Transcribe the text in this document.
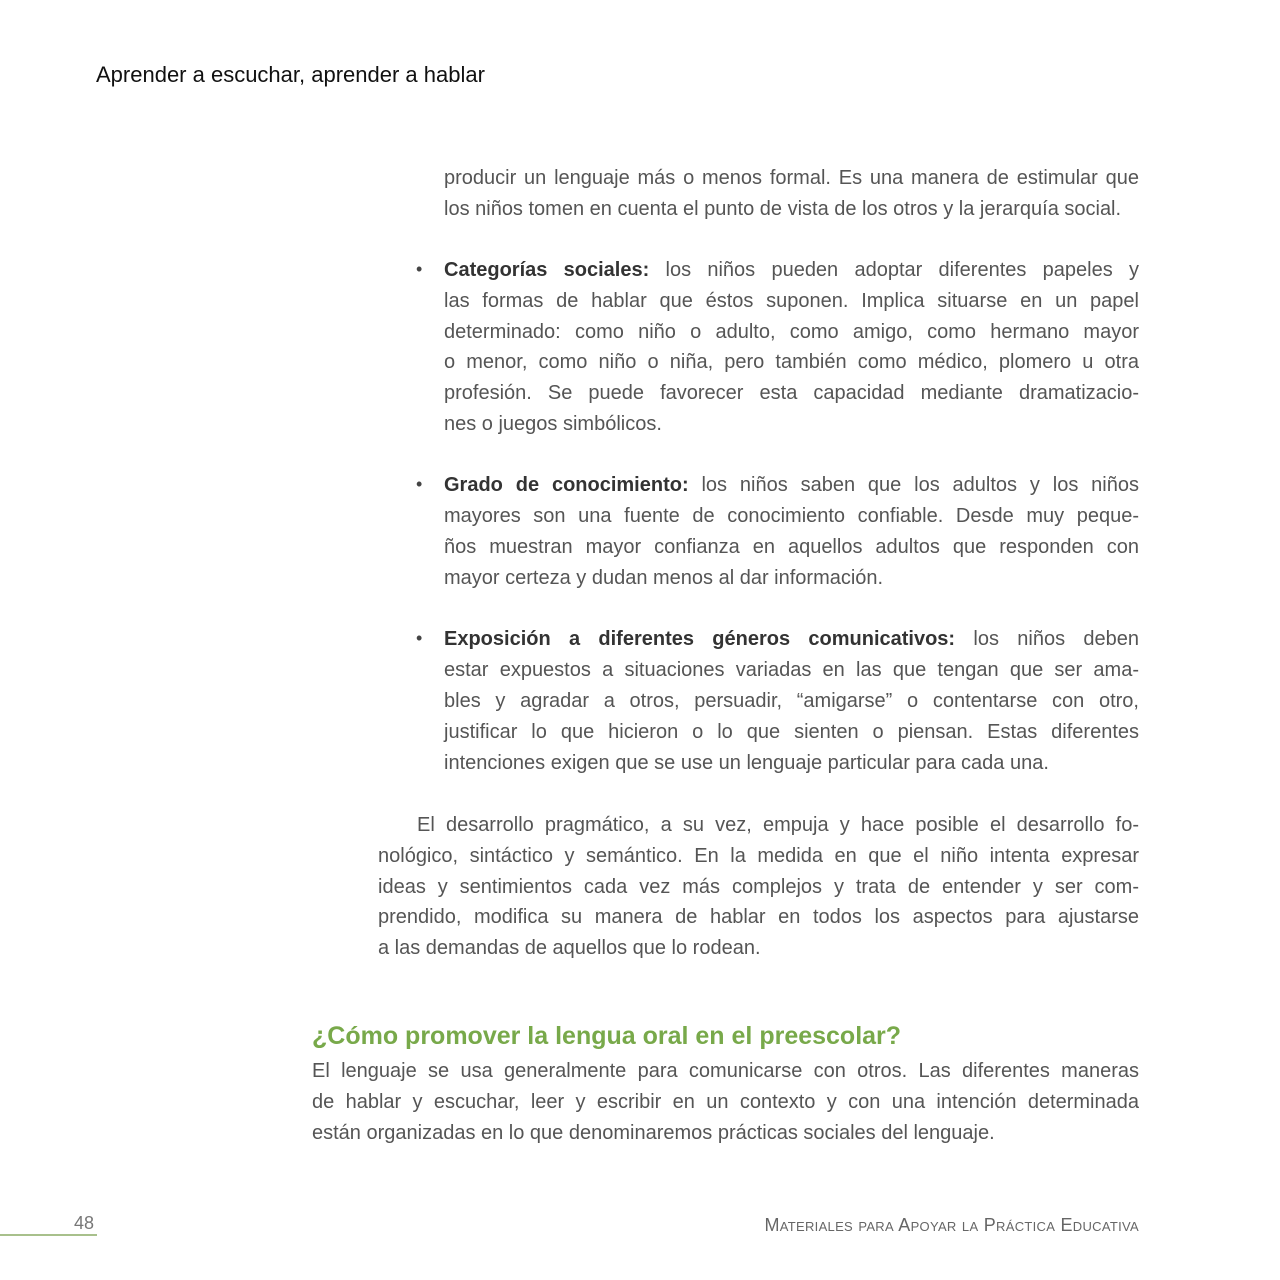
Aprender a escuchar, aprender a hablar
producir un lenguaje más o menos formal. Es una manera de estimular que
los niños tomen en cuenta el punto de vista de los otros y la jerarquía social.
• Categorías sociales: los niños pueden adoptar diferentes papeles y
las formas de hablar que éstos suponen. Implica situarse en un papel
determinado: como niño o adulto, como amigo, como hermano mayor
o menor, como niño o niña, pero también como médico, plomero u otra
profesión. Se puede favorecer esta capacidad mediante dramatizacio-
nes o juegos simbólicos.
• Grado de conocimiento: los niños saben que los adultos y los niños
mayores son una fuente de conocimiento confiable. Desde muy peque-
ños muestran mayor confianza en aquellos adultos que responden con
mayor certeza y dudan menos al dar información.
• Exposición a diferentes géneros comunicativos: los niños deben
estar expuestos a situaciones variadas en las que tengan que ser ama-
bles y agradar a otros, persuadir, “amigarse” o contentarse con otro,
justificar lo que hicieron o lo que sienten o piensan. Estas diferentes
intenciones exigen que se use un lenguaje particular para cada una.
El desarrollo pragmático, a su vez, empuja y hace posible el desarrollo fo-
nológico, sintáctico y semántico. En la medida en que el niño intenta expresar
ideas y sentimientos cada vez más complejos y trata de entender y ser com-
prendido, modifica su manera de hablar en todos los aspectos para ajustarse
a las demandas de aquellos que lo rodean.
El lenguaje se usa generalmente para comunicarse con otros. Las diferentes maneras
de hablar y escuchar, leer y escribir en un contexto y con una intención determinada
están organizadas en lo que denominaremos prácticas sociales del lenguaje.
¿Cómo promover la lengua oral en el preescolar?
48	Materiales para Apoyar la Práctica Educativa
